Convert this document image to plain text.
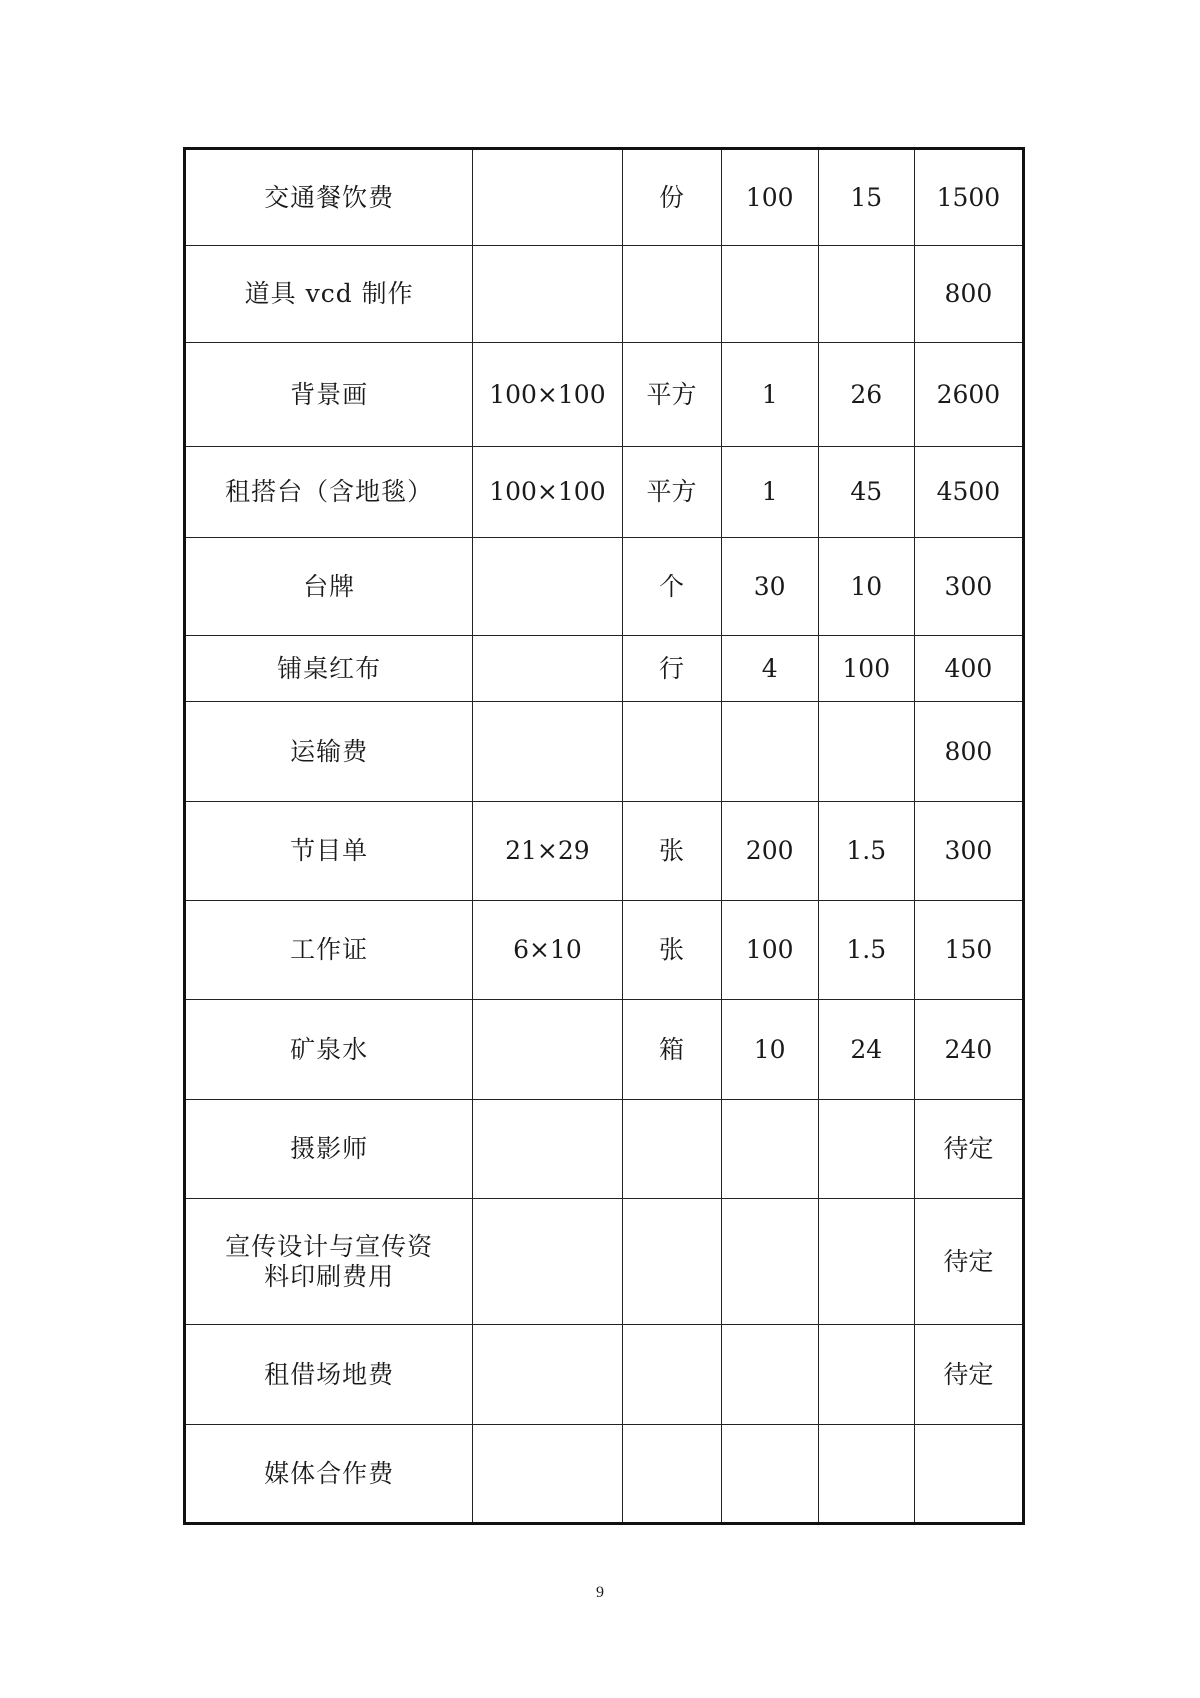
交通餐饮费		份	100	15	1500
道具 vcd 制作					800
背景画	100×100	平方	1	26	2600
租搭台（含地毯）	100×100	平方	1	45	4500
台牌		个	30	10	300
铺桌红布		行	4	100	400
运输费					800
节目单	21×29	张	200	1.5	300
工作证	6×10	张	100	1.5	150
矿泉水		箱	10	24	240
摄影师					待定
宣传设计与宣传资
料印刷费用					待定
租借场地费					待定
媒体合作费					
9
